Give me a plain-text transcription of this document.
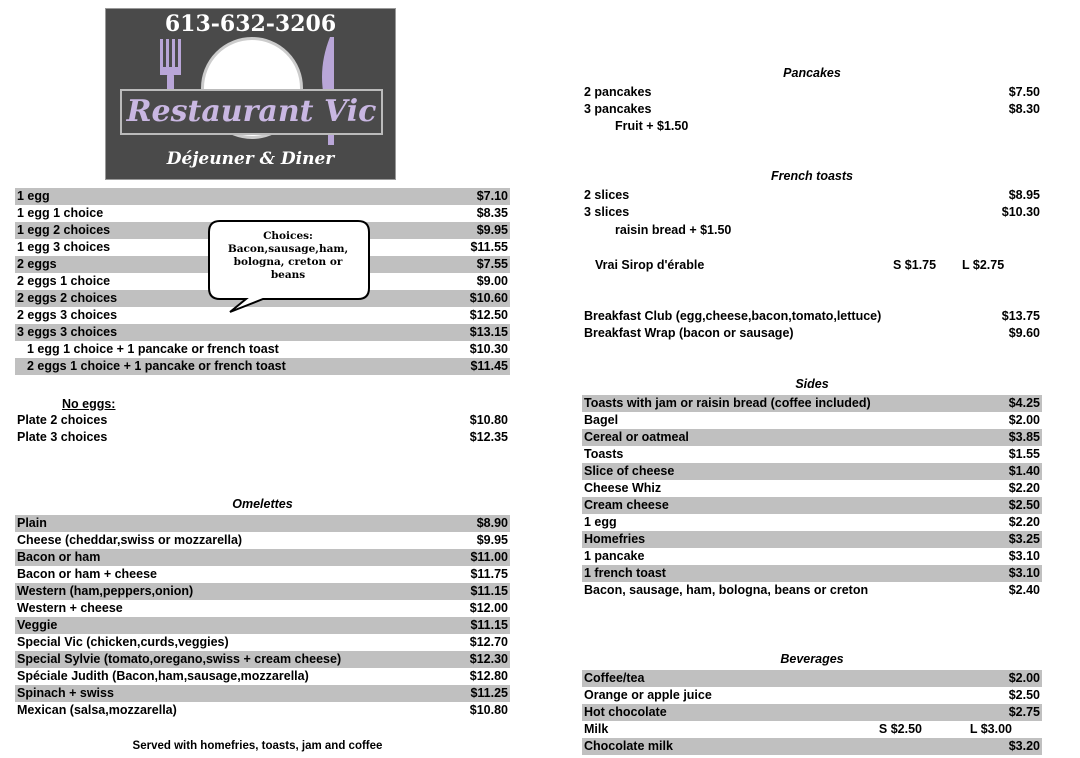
613-632-3206
Restaurant Vic
Déjeuner & Diner
1 egg	$7.10
1 egg 1 choice	$8.35
1 egg 2 choices	$9.95
1 egg 3 choices	$11.55
2 eggs	$7.55
2 eggs 1 choice	$9.00
2 eggs 2 choices	$10.60
2 eggs 3 choices	$12.50
3 eggs 3 choices	$13.15
1 egg 1 choice + 1 pancake or french toast	$10.30
2 eggs 1 choice + 1 pancake or french toast	$11.45
Choices:
Bacon,sausage,ham, bologna, creton or beans
No eggs:
Plate 2 choices	$10.80
Plate 3 choices	$12.35
Omelettes
Plain	$8.90
Cheese (cheddar,swiss or mozzarella)	$9.95
Bacon or ham	$11.00
Bacon or ham + cheese	$11.75
Western (ham,peppers,onion)	$11.15
Western + cheese	$12.00
Veggie	$11.15
Special Vic (chicken,curds,veggies)	$12.70
Special Sylvie (tomato,oregano,swiss + cream cheese)	$12.30
Spéciale Judith (Bacon,ham,sausage,mozzarella)	$12.80
Spinach + swiss	$11.25
Mexican (salsa,mozzarella)	$10.80
Served with homefries, toasts, jam and coffee
Pancakes
2 pancakes	$7.50
3 pancakes	$8.30
Fruit + $1.50
French toasts
2 slices	$8.95
3 slices	$10.30
raisin bread + $1.50
Vrai Sirop d'érable	S $1.75 L $2.75
Breakfast Club (egg,cheese,bacon,tomato,lettuce)	$13.75
Breakfast Wrap (bacon or sausage)	$9.60
Sides
Toasts with jam or raisin bread (coffee included)	$4.25
Bagel	$2.00
Cereal or oatmeal	$3.85
Toasts	$1.55
Slice of cheese	$1.40
Cheese Whiz	$2.20
Cream cheese	$2.50
1 egg	$2.20
Homefries	$3.25
1 pancake	$3.10
1 french toast	$3.10
Bacon, sausage, ham, bologna, beans or creton	$2.40
Beverages
Coffee/tea	$2.00
Orange or apple juice	$2.50
Hot chocolate	$2.75
Milk	S $2.50	L $3.00
Chocolate milk	$3.20
